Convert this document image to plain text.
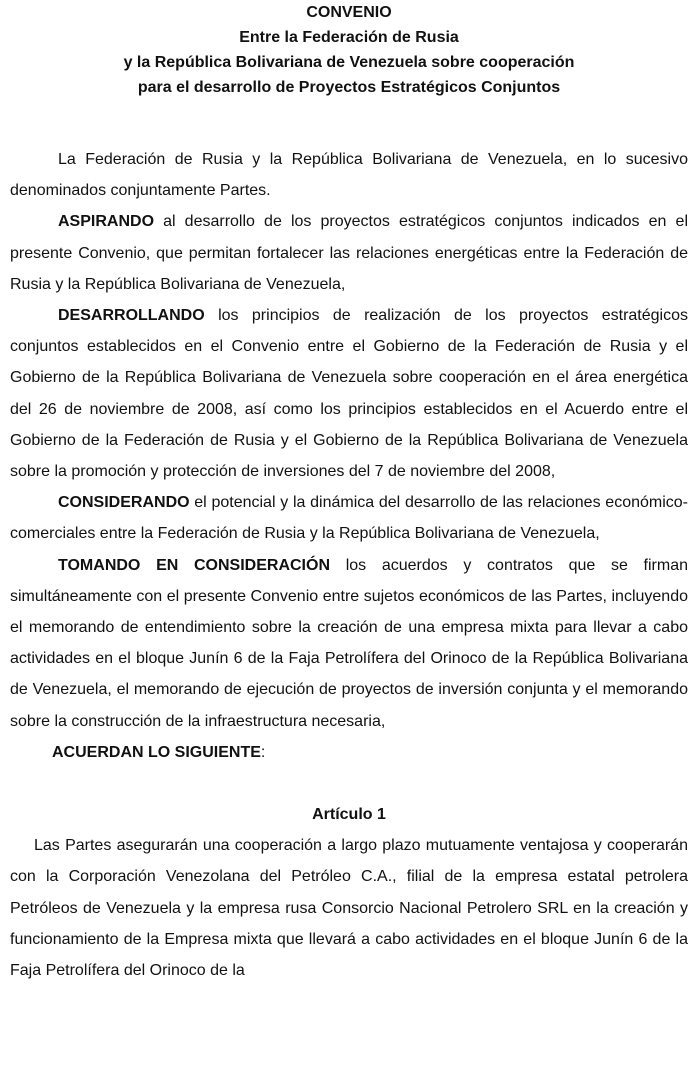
CONVENIO
Entre la Federación de Rusia
y la República Bolivariana de Venezuela sobre cooperación
para el desarrollo de Proyectos Estratégicos Conjuntos

La Federación de Rusia y la República Bolivariana de Venezuela, en lo sucesivo denominados conjuntamente Partes.

ASPIRANDO al desarrollo de los proyectos estratégicos conjuntos indicados en el presente Convenio, que permitan fortalecer las relaciones energéticas entre la Federación de Rusia y la República Bolivariana de Venezuela,

DESARROLLANDO los principios de realización de los proyectos estratégicos conjuntos establecidos en el Convenio entre el Gobierno de la Federación de Rusia y el Gobierno de la República Bolivariana de Venezuela sobre cooperación en el área energética del 26 de noviembre de 2008, así como los principios establecidos en el Acuerdo entre el Gobierno de la Federación de Rusia y el Gobierno de la República Bolivariana de Venezuela sobre la promoción y protección de inversiones del 7 de noviembre del 2008,

CONSIDERANDO el potencial y la dinámica del desarrollo de las relaciones económico-comerciales entre la Federación de Rusia y la República Bolivariana de Venezuela,

TOMANDO EN CONSIDERACIÓN los acuerdos y contratos que se firman simultáneamente con el presente Convenio entre sujetos económicos de las Partes, incluyendo el memorando de entendimiento sobre la creación de una empresa mixta para llevar a cabo actividades en el bloque Junín 6 de la Faja Petrolífera del Orinoco de la República Bolivariana de Venezuela, el memorando de ejecución de proyectos de inversión conjunta y el memorando sobre la construcción de la infraestructura necesaria,

ACUERDAN LO SIGUIENTE:

Artículo 1

Las Partes asegurarán una cooperación a largo plazo mutuamente ventajosa y cooperarán con la Corporación Venezolana del Petróleo C.A., filial de la empresa estatal petrolera Petróleos de Venezuela y la empresa rusa Consorcio Nacional Petrolero SRL en la creación y funcionamiento de la Empresa mixta que llevará a cabo actividades en el bloque Junín 6 de la Faja Petrolífera del Orinoco de la
